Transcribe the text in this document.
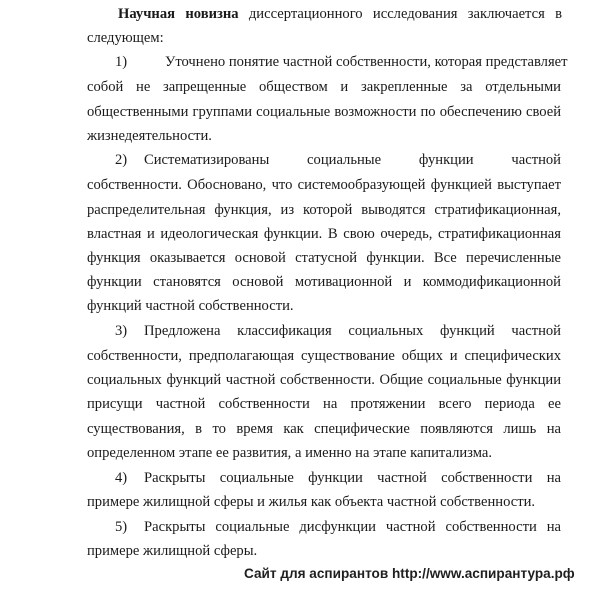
Научная новизна диссертационного исследования заключается в
следующем:
1)	Уточнено понятие частной собственности, которая представляет
собой не запрещенные обществом и закрепленные за отдельными
общественными группами социальные возможности по обеспечению своей
жизнедеятельности.
2)	Систематизированы социальные функции частной
собственности. Обосновано, что системообразующей функцией выступает
распределительная функция, из которой выводятся стратификационная,
властная и идеологическая функции. В свою очередь, стратификационная
функция оказывается основой статусной функции. Все перечисленные
функции становятся основой мотивационной и коммодификационной
функций частной собственности.
3)	Предложена классификация социальных функций частной
собственности, предполагающая существование общих и специфических
социальных функций частной собственности. Общие социальные функции
присущи частной собственности на протяжении всего периода ее
существования, в то время как специфические появляются лишь на
определенном этапе ее развития, а именно на этапе капитализма.
4)	Раскрыты социальные функции частной собственности на
примере жилищной сферы и жилья как объекта частной собственности.
5)	Раскрыты социальные дисфункции частной собственности на
примере жилищной сферы.
Сайт для аспирантов http://www.аспирантура.рф
